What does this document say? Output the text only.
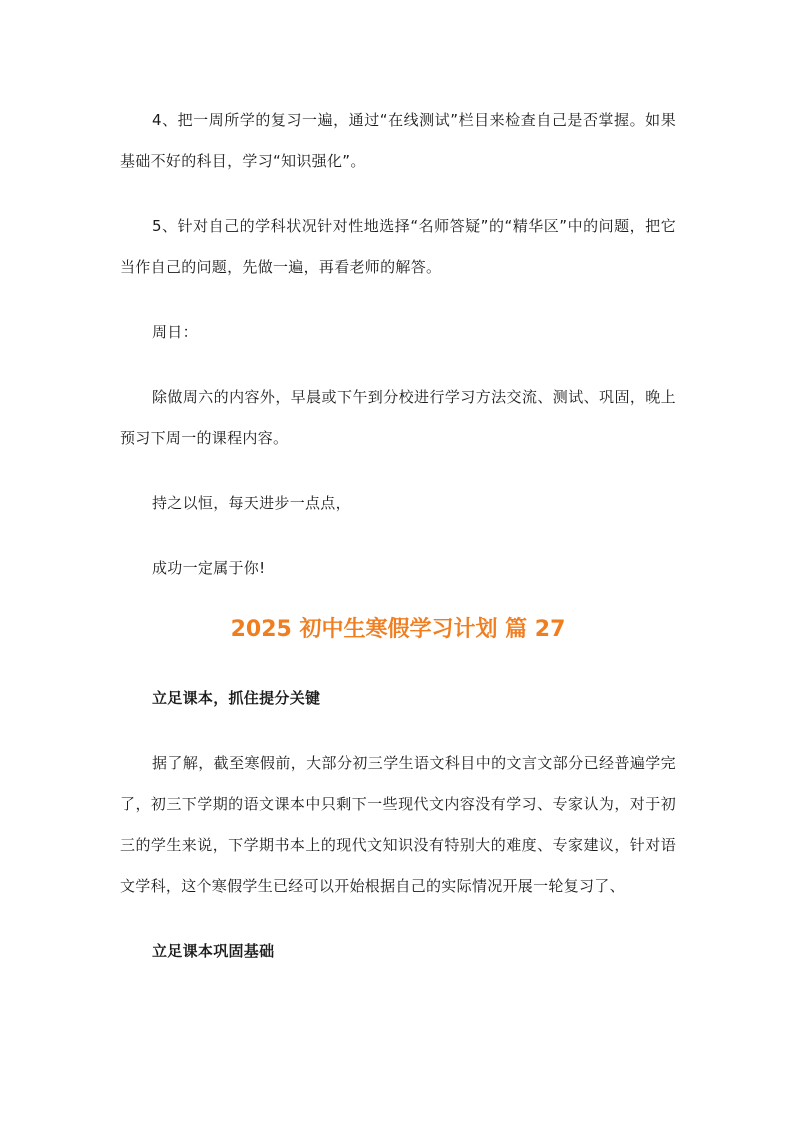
4、把一周所学的复习一遍，通过“在线测试”栏目来检查自己是否掌握。如果基础不好的科目，学习“知识强化”。

5、针对自己的学科状况针对性地选择“名师答疑”的“精华区”中的问题，把它当作自己的问题，先做一遍，再看老师的解答。

周日：

除做周六的内容外，早晨或下午到分校进行学习方法交流、测试、巩固，晚上预习下周一的课程内容。

持之以恒，每天进步一点点，

成功一定属于你!

2025 初中生寒假学习计划 篇 27

立足课本，抓住提分关键

据了解，截至寒假前，大部分初三学生语文科目中的文言文部分已经普遍学完了，初三下学期的语文课本中只剩下一些现代文内容没有学习、专家认为，对于初三的学生来说，下学期书本上的现代文知识没有特别大的难度、专家建议，针对语文学科，这个寒假学生已经可以开始根据自己的实际情况开展一轮复习了、

立足课本巩固基础
